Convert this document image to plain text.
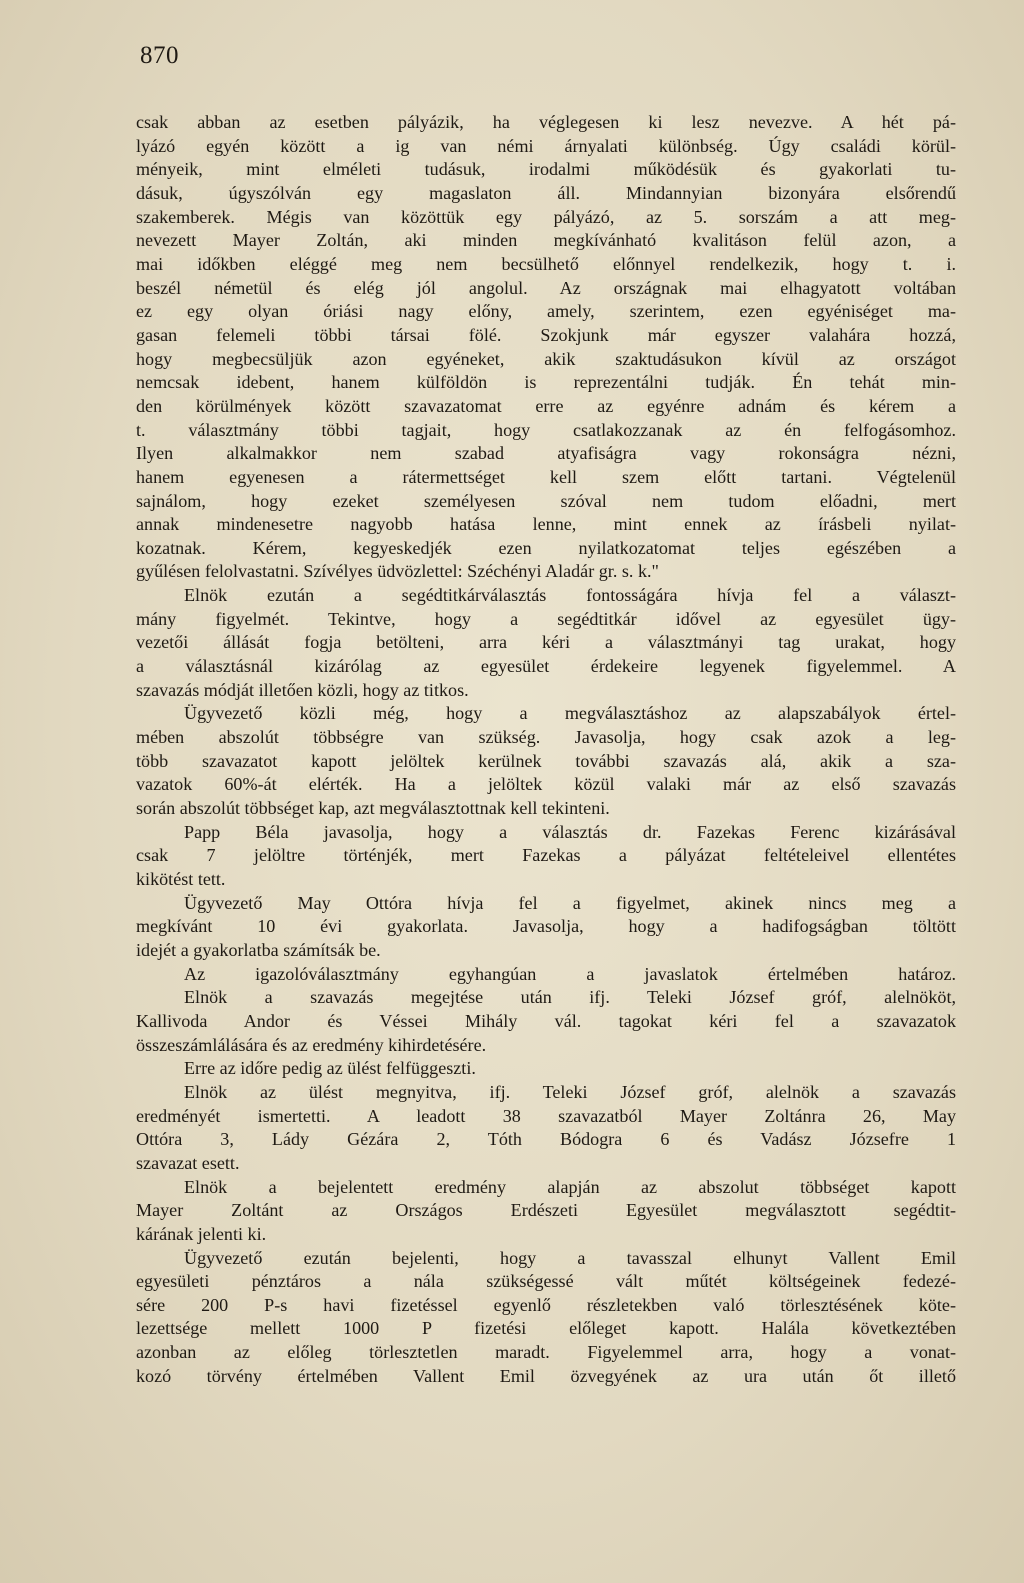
870
csak abban az esetben pályázik, ha véglegesen ki lesz nevezve. A hét pá-
lyázó egyén között a ig van némi árnyalati különbség. Úgy családi körül-
ményeik, mint elméleti tudásuk, irodalmi működésük és gyakorlati tu-
dásuk, úgyszólván egy magaslaton áll. Mindannyian bizonyára elsőrendű
szakemberek. Mégis van közöttük egy pályázó, az 5. sorszám a att meg-
nevezett Mayer Zoltán, aki minden megkívánható kvalitáson felül azon, a
mai időkben eléggé meg nem becsülhető előnnyel rendelkezik, hogy t. i.
beszél németül és elég jól angolul. Az országnak mai elhagyatott voltában
ez egy olyan óriási nagy előny, amely, szerintem, ezen egyéniséget ma-
gasan felemeli többi társai fölé. Szokjunk már egyszer valahára hozzá,
hogy megbecsüljük azon egyéneket, akik szaktudásukon kívül az országot
nemcsak idebent, hanem külföldön is reprezentálni tudják. Én tehát min-
den körülmények között szavazatomat erre az egyénre adnám és kérem a
t. választmány többi tagjait, hogy csatlakozzanak az én felfogásomhoz.
Ilyen alkalmakkor nem szabad atyafiságra vagy rokonságra nézni,
hanem egyenesen a rátermettséget kell szem előtt tartani. Végtelenül
sajnálom, hogy ezeket személyesen szóval nem tudom előadni, mert
annak mindenesetre nagyobb hatása lenne, mint ennek az írásbeli nyilat-
kozatnak. Kérem, kegyeskedjék ezen nyilatkozatomat teljes egészében a
gyűlésen felolvastatni. Szívélyes üdvözlettel: Széchényi Aladár gr. s. k."
Elnök ezután a segédtitkárválasztás fontosságára hívja fel a választ-
mány figyelmét. Tekintve, hogy a segédtitkár idővel az egyesület ügy-
vezetői állását fogja betölteni, arra kéri a választmányi tag urakat, hogy
a választásnál kizárólag az egyesület érdekeire legyenek figyelemmel. A
szavazás módját illetően közli, hogy az titkos.
Ügyvezető közli még, hogy a megválasztáshoz az alapszabályok értel-
mében abszolút többségre van szükség. Javasolja, hogy csak azok a leg-
több szavazatot kapott jelöltek kerülnek további szavazás alá, akik a sza-
vazatok 60%-át elérték. Ha a jelöltek közül valaki már az első szavazás
során abszolút többséget kap, azt megválasztottnak kell tekinteni.
Papp Béla javasolja, hogy a választás dr. Fazekas Ferenc kizárásával
csak 7 jelöltre történjék, mert Fazekas a pályázat feltételeivel ellentétes
kikötést tett.
Ügyvezető May Ottóra hívja fel a figyelmet, akinek nincs meg a
megkívánt 10 évi gyakorlata. Javasolja, hogy a hadifogságban töltött
idejét a gyakorlatba számítsák be.
Az igazolóválasztmány egyhangúan a javaslatok értelmében határoz.
Elnök a szavazás megejtése után ifj. Teleki József gróf, alelnököt,
Kallivoda Andor és Véssei Mihály vál. tagokat kéri fel a szavazatok
összeszámlálására és az eredmény kihirdetésére.
Erre az időre pedig az ülést felfüggeszti.
Elnök az ülést megnyitva, ifj. Teleki József gróf, alelnök a szavazás
eredményét ismertetti. A leadott 38 szavazatból Mayer Zoltánra 26, May
Ottóra 3, Lády Gézára 2, Tóth Bódogra 6 és Vadász Józsefre 1
szavazat esett.
Elnök a bejelentett eredmény alapján az abszolut többséget kapott
Mayer Zoltánt az Országos Erdészeti Egyesület megválasztott segédtit-
kárának jelenti ki.
Ügyvezető ezután bejelenti, hogy a tavasszal elhunyt Vallent Emil
egyesületi pénztáros a nála szükségessé vált műtét költségeinek fedezé-
sére 200 P-s havi fizetéssel egyenlő részletekben való törlesztésének köte-
lezettsége mellett 1000 P fizetési előleget kapott. Halála következtében
azonban az előleg törlesztetlen maradt. Figyelemmel arra, hogy a vonat-
kozó törvény értelmében Vallent Emil özvegyének az ura után őt illető
